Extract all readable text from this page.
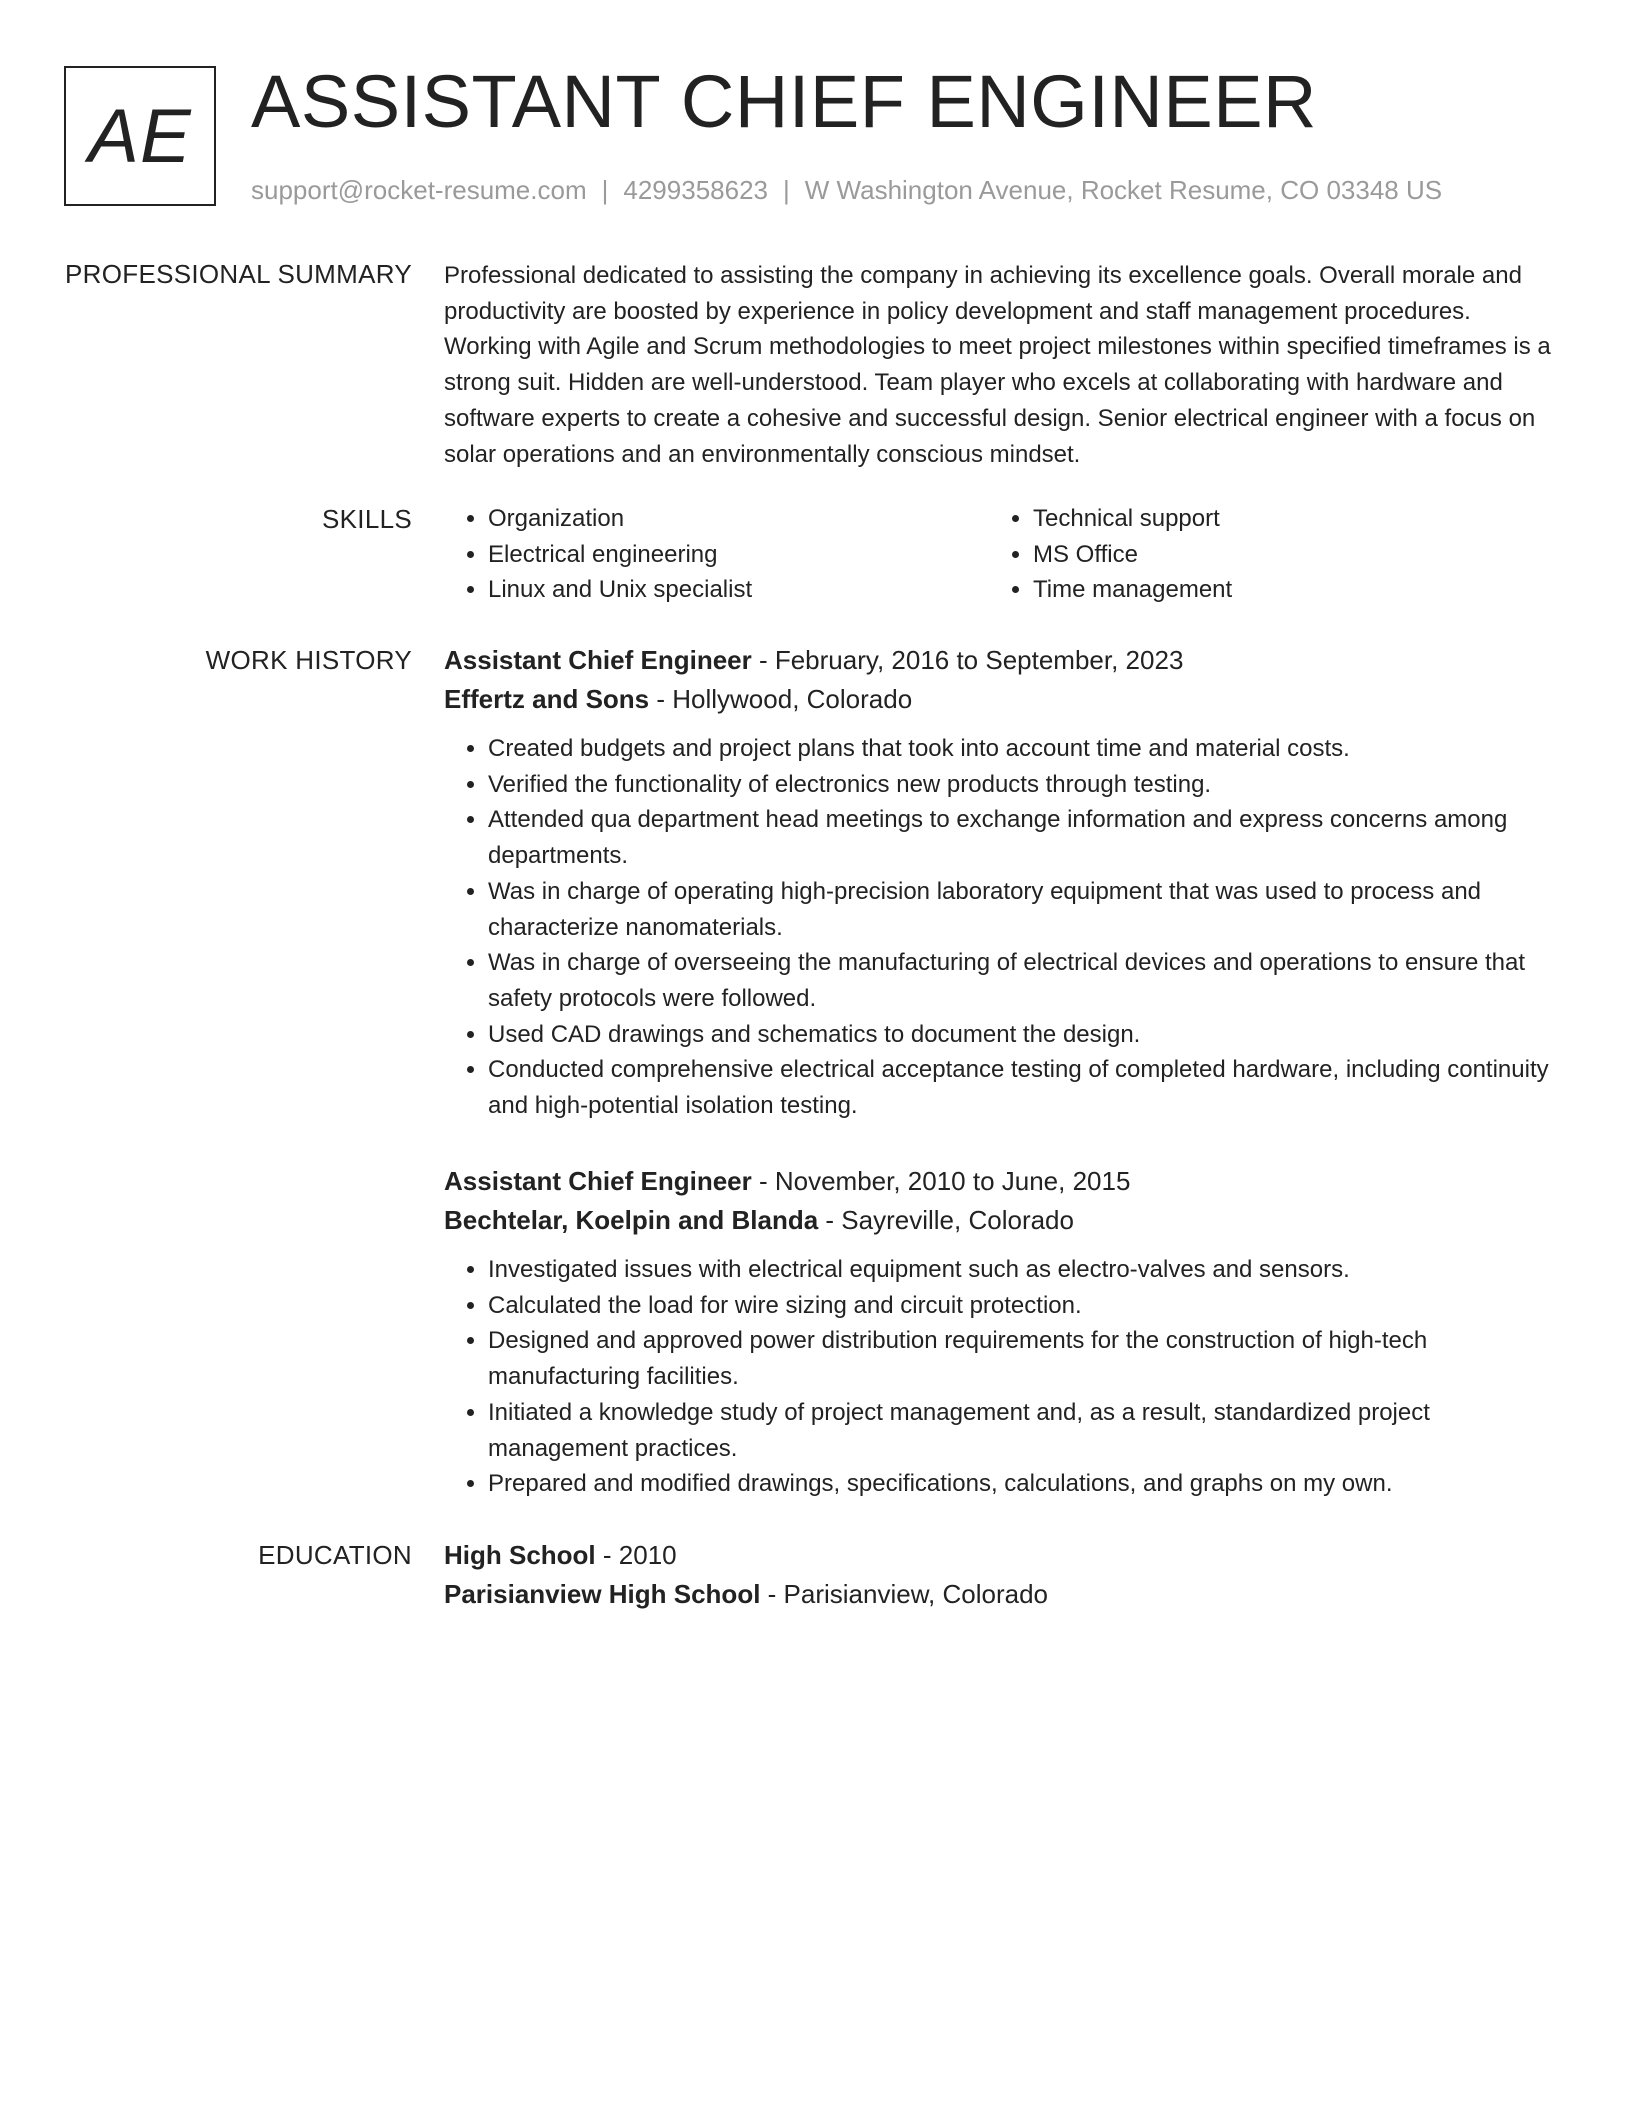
AE ASSISTANT CHIEF ENGINEER
support@rocket-resume.com | 4299358623 | W Washington Avenue, Rocket Resume, CO 03348 US
PROFESSIONAL SUMMARY Professional dedicated to assisting the company in achieving its excellence goals. Overall morale and productivity are boosted by experience in policy development and staff management procedures. Working with Agile and Scrum methodologies to meet project milestones within specified timeframes is a strong suit. Hidden are well-understood. Team player who excels at collaborating with hardware and software experts to create a cohesive and successful design. Senior electrical engineer with a focus on solar operations and an environmentally conscious mindset.

SKILLS
•	Organization
• Electrical engineering
• Linux and Unix specialist
• Technical support
• MS Office
• Time management
WORK HISTORY Assistant Chief Engineer - February, 2016 to September, 2023
Effertz and Sons - Hollywood, Colorado
• Created budgets and project plans that took into account time and material costs.
• Verified the functionality of electronics new products through testing.
• Attended qua department head meetings to exchange information and express concerns among departments.
• Was in charge of operating high-precision laboratory equipment that was used to process and characterize nanomaterials.
• Was in charge of overseeing the manufacturing of electrical devices and operations to ensure that safety protocols were followed.
• Used CAD drawings and schematics to document the design.
• Conducted comprehensive electrical acceptance testing of completed hardware, including continuity and high-potential isolation testing.
Assistant Chief Engineer - November, 2010 to June, 2015
Bechtelar, Koelpin and Blanda - Sayreville, Colorado
• Investigated issues with electrical equipment such as electro-valves and sensors.
• Calculated the load for wire sizing and circuit protection.
• Designed and approved power distribution requirements for the construction of high-tech manufacturing facilities.
• Initiated a knowledge study of project management and, as a result, standardized project management practices.
• Prepared and modified drawings, specifications, calculations, and graphs on my own.
EDUCATION High School - 2010
Parisianview High School - Parisianview, Colorado
